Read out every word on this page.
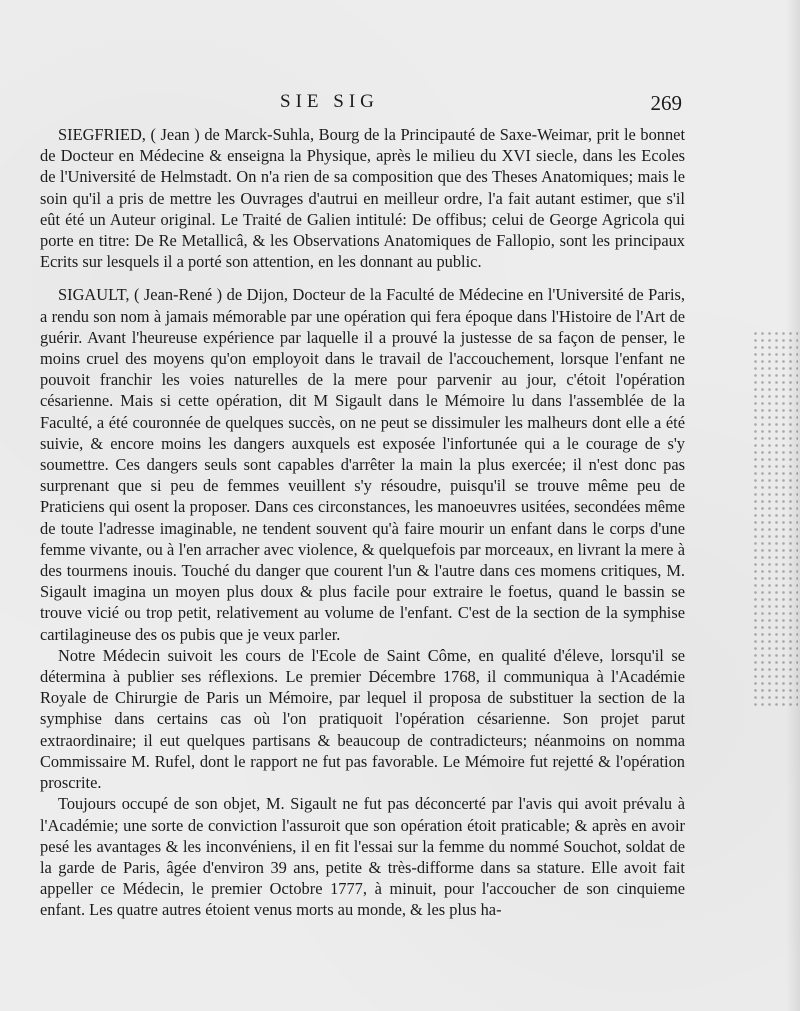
SIE SIG	269

SIEGFRIED, ( Jean ) de Marck-Suhla, Bourg de la Principauté de Saxe-Weimar, prit le bonnet de Docteur en Médecine & enseigna la Physique, après le milieu du XVI siecle, dans les Ecoles de l'Université de Helmstadt. On n'a rien de sa composition que des Theses Anatomiques; mais le soin qu'il a pris de mettre les Ouvrages d'autrui en meilleur ordre, l'a fait autant estimer, que s'il eût été un Auteur original. Le Traité de Galien intitulé: De offibus; celui de George Agricola qui porte en titre: De Re Metallicâ, & les Observations Anatomiques de Fallopio, sont les principaux Ecrits sur lesquels il a porté son attention, en les donnant au public.

SIGAULT, ( Jean-René ) de Dijon, Docteur de la Faculté de Médecine en l'Université de Paris, a rendu son nom à jamais mémorable par une opération qui fera époque dans l'Histoire de l'Art de guérir. Avant l'heureuse expérience par laquelle il a prouvé la justesse de sa façon de penser, le moins cruel des moyens qu'on employoit dans le travail de l'accouchement, lorsque l'enfant ne pouvoit franchir les voies naturelles de la mere pour parvenir au jour, c'étoit l'opération césarienne. Mais si cette opération, dit M Sigault dans le Mémoire lu dans l'assemblée de la Faculté, a été couronnée de quelques succès, on ne peut se dissimuler les malheurs dont elle a été suivie, & encore moins les dangers auxquels est exposée l'infortunée qui a le courage de s'y soumettre. Ces dangers seuls sont capables d'arrêter la main la plus exercée; il n'est donc pas surprenant que si peu de femmes veuillent s'y résoudre, puisqu'il se trouve même peu de Praticiens qui osent la proposer. Dans ces circonstances, les manoeuvres usitées, secondées même de toute l'adresse imaginable, ne tendent souvent qu'à faire mourir un enfant dans le corps d'une femme vivante, ou à l'en arracher avec violence, & quelquefois par morceaux, en livrant la mere à des tourmens inouis. Touché du danger que courent l'un & l'autre dans ces momens critiques, M. Sigault imagina un moyen plus doux & plus facile pour extraire le foetus, quand le bassin se trouve vicié ou trop petit, relativement au volume de l'enfant. C'est de la section de la symphise cartilagineuse des os pubis que je veux parler.

Notre Médecin suivoit les cours de l'Ecole de Saint Côme, en qualité d'éleve, lorsqu'il se détermina à publier ses réflexions. Le premier Décembre 1768, il communiqua à l'Académie Royale de Chirurgie de Paris un Mémoire, par lequel il proposa de substituer la section de la symphise dans certains cas où l'on pratiquoit l'opération césarienne. Son projet parut extraordinaire; il eut quelques partisans & beaucoup de contradicteurs; néanmoins on nomma Commissaire M. Rufel, dont le rapport ne fut pas favorable. Le Mémoire fut rejetté & l'opération proscrite.

Toujours occupé de son objet, M. Sigault ne fut pas déconcerté par l'avis qui avoit prévalu à l'Académie; une sorte de conviction l'assuroit que son opération étoit praticable; & après en avoir pesé les avantages & les inconvéniens, il en fit l'essai sur la femme du nommé Souchot, soldat de la garde de Paris, âgée d'environ 39 ans, petite & très-difforme dans sa stature. Elle avoit fait appeller ce Médecin, le premier Octobre 1777, à minuit, pour l'accoucher de son cinquieme enfant. Les quatre autres étoient venus morts au monde, & les plus ha-
